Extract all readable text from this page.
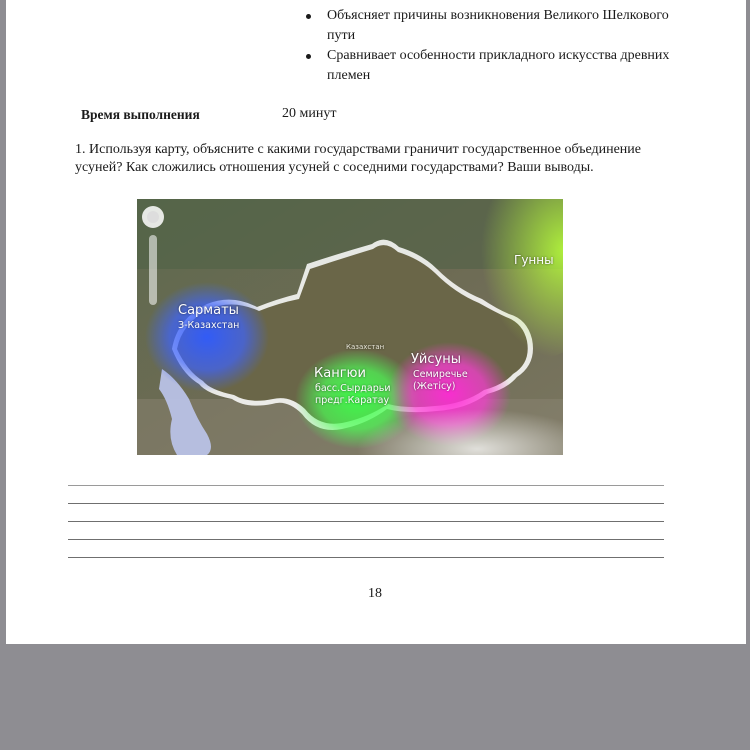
Объясняет причины возникновения Великого Шелкового пути
Сравнивает особенности прикладного искусства древних племен
Время выполнения	20 минут
1. Используя карту, объясните с какими государствами граничит государственное объединение усуней? Как сложились отношения усуней с соседними государствами? Ваши выводы.
Сарматы
З-Казахстан
Казахстан
Кангюи
басс.Сырдарьи
предг.Каратау
Уйсуны
Семиречье
(Жетісу)
Гунны
18
